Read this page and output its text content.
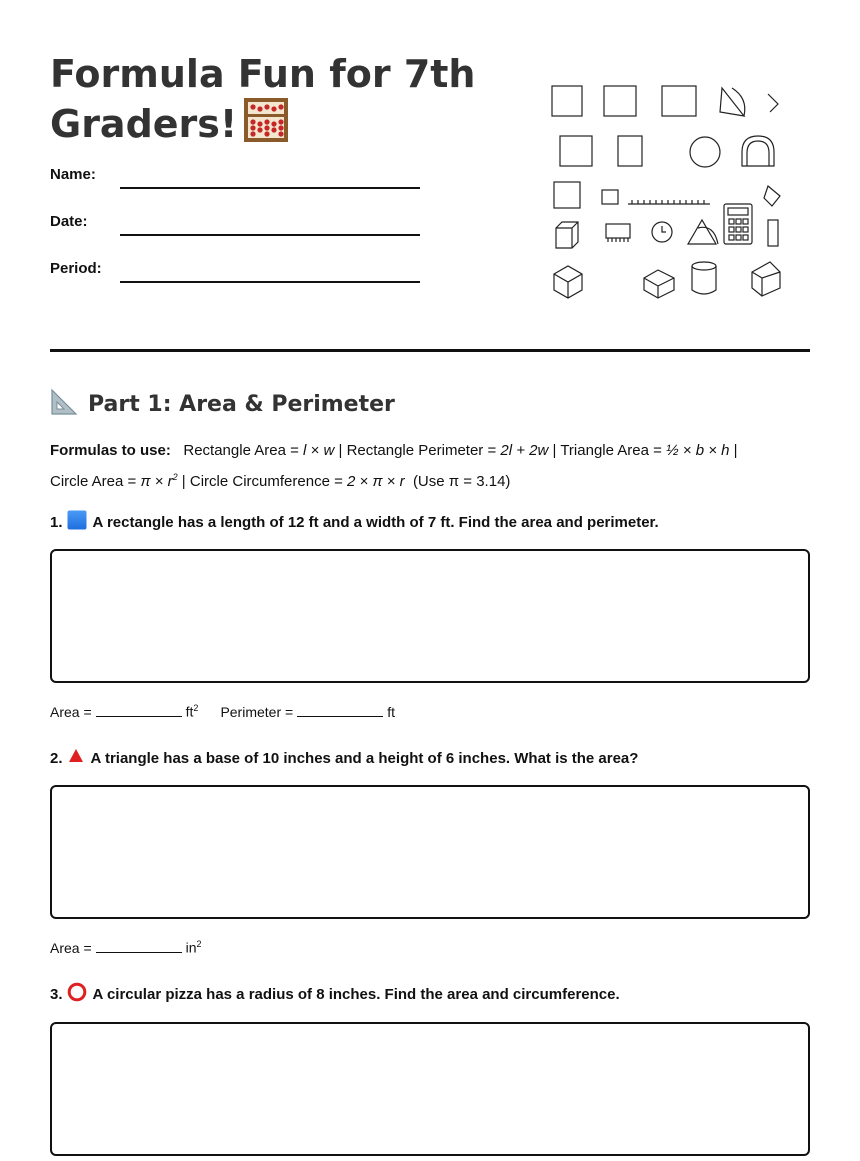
Formula Fun for 7th Graders!
Name:
Date:
Period:
Part 1: Area & Perimeter
Formulas to use: Rectangle Area = l × w | Rectangle Perimeter = 2l + 2w | Triangle Area = ½ × b × h |
Circle Area = $\pi \times r^2$ | Circle Circumference = 2 × π × r (Use π = 3.14)
1. A rectangle has a length of 12 ft and a width of 7 ft. Find the area and perimeter.
Area =	$ft^2$ Perimeter =	ft
2. A triangle has a base of 10 inches and a height of 6 inches. What is the area?
Area =	$in^2$
3. A circular pizza has a radius of 8 inches. Find the area and circumference.
